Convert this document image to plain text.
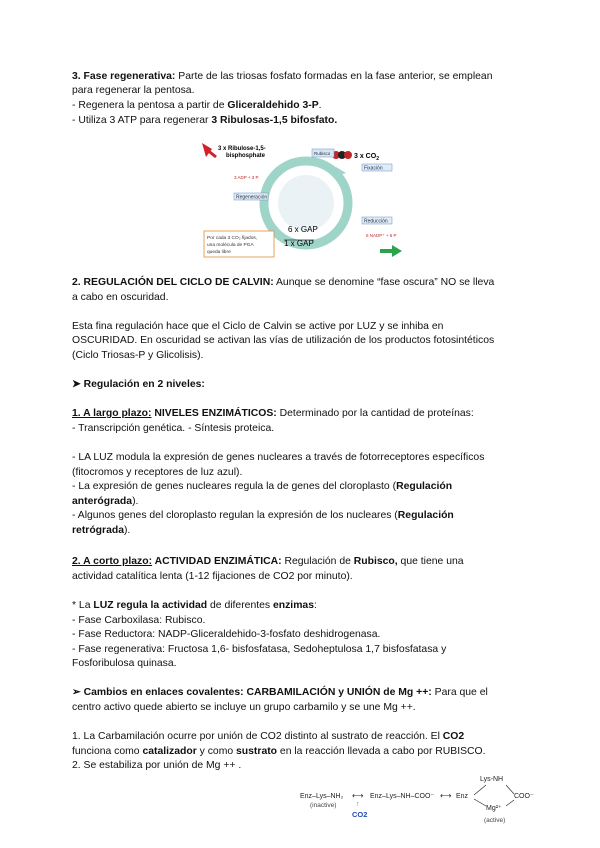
3. Fase regenerativa: Parte de las triosas fosfato formadas en la fase anterior, se emplean

para regenerar la pentosa.

- Regenera la pentosa a partir de Gliceraldehido 3-P.

- Utiliza 3 ATP para regenerar 3 Ribulosas-1,5 bifosfato.

3 x Ribulose-1,5-
bisphosphate	3 x $CO_2$
Rubisco
Fixación
Reducción
Regeneración
3 ADP + 3 P
6 NADP⁺ + 6 P
6 x GAP
1 x GAP
Por cada 3 CO₂ fijados,
una molécula de PGA
queda libre

2. REGULACIÓN DEL CICLO DE CALVIN: Aunque se denomine “fase oscura” NO se lleva

a cabo en oscuridad.

Esta fina regulación hace que el Ciclo de Calvin se active por LUZ y se inhiba en

OSCURIDAD. En oscuridad se activan las vías de utilización de los productos fotosintéticos

(Ciclo Triosas-P y Glicolisis).

➤ Regulación en 2 niveles:

1. A largo plazo: NIVELES ENZIMÁTICOS: Determinado por la cantidad de proteínas:

- Transcripción genética. - Síntesis proteica.

- LA LUZ modula la expresión de genes nucleares a través de fotorreceptores específicos

(fitocromos y receptores de luz azul).

- La expresión de genes nucleares regula la de genes del cloroplasto (Regulación

anterógrada).

- Algunos genes del cloroplasto regulan la expresión de los nucleares (Regulación

retrógrada).

2. A corto plazo: ACTIVIDAD ENZIMÁTICA: Regulación de Rubisco, que tiene una

actividad catalítica lenta (1-12 fijaciones de CO2 por minuto).

* La LUZ regula la actividad de diferentes enzimas:

- Fase Carboxilasa: Rubisco.

- Fase Reductora: NADP-Gliceraldehido-3-fosfato deshidrogenasa.

- Fase regenerativa: Fructosa 1,6- bisfosfatasa, Sedoheptulosa 1,7 bisfosfatasa y

Fosforibulosa quinasa.

➢ Cambios en enlaces covalentes: CARBAMILACIÓN y UNIÓN de Mg ++: Para que el

centro activo quede abierto se incluye un grupo carbamilo y se une Mg ++.

1. La Carbamilación ocurre por unión de CO2 distinto al sustrato de reacción. El CO2

funciona como catalizador y como sustrato en la reacción llevada a cabo por RUBISCO.

2. Se estabiliza por unión de Mg ++ .

Enz–Lys–NH₂
(inactive)
⟷
↑
CO2
Enz–Lys–NH–COO⁻ ⟷ Enz
Lys-NH
COO⁻
Mg²⁺
(active)
